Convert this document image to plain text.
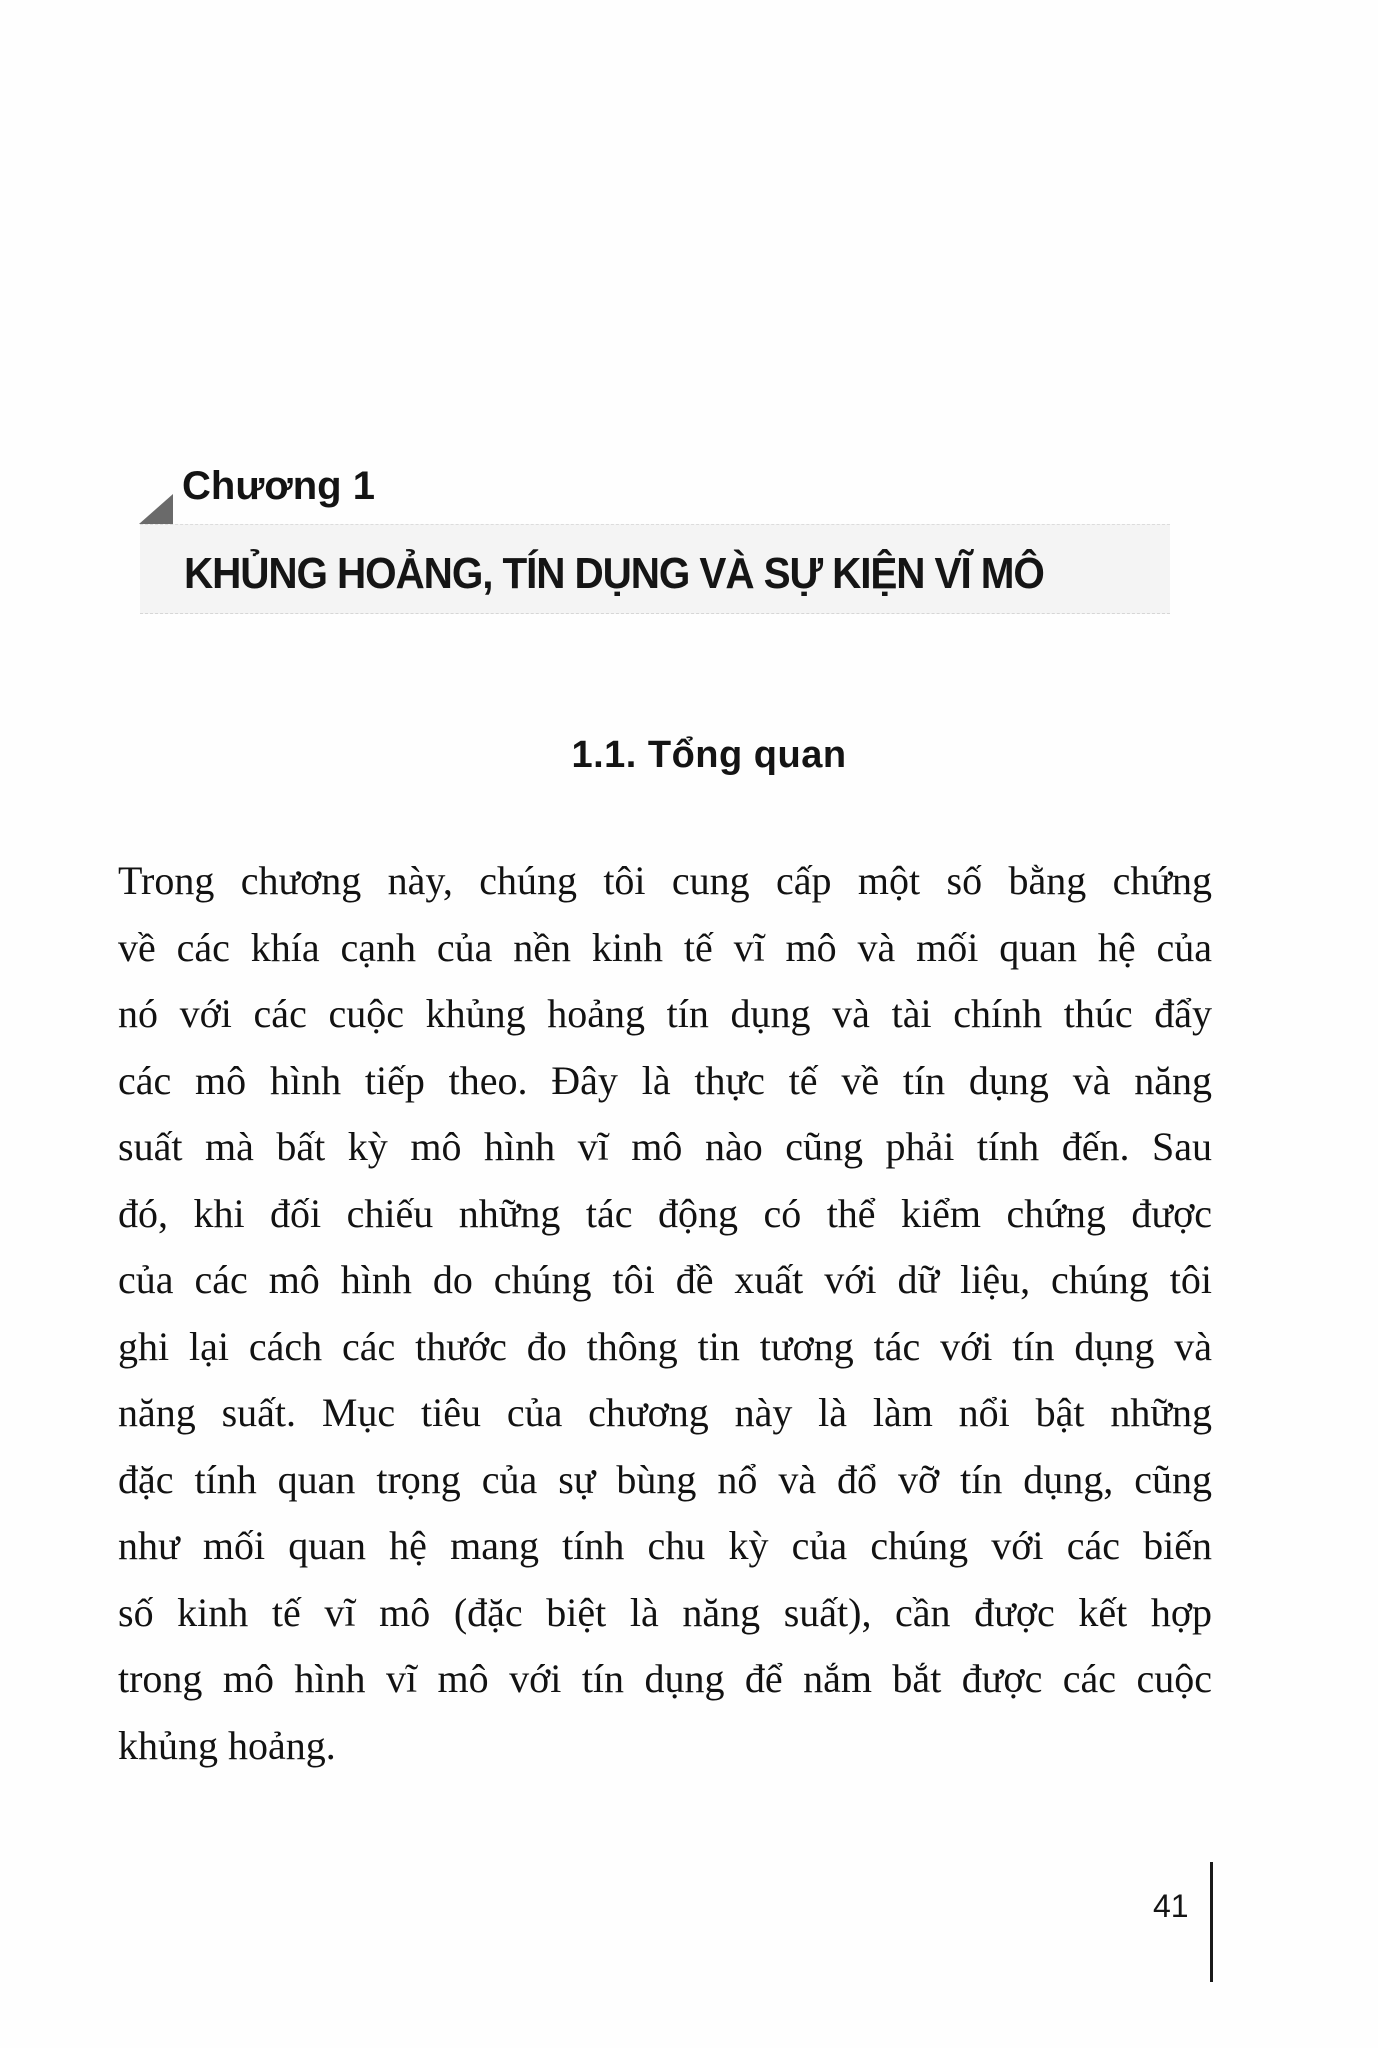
Chương 1
KHỦNG HOẢNG, TÍN DỤNG VÀ SỰ KIỆN VĨ MÔ
1.1. Tổng quan
Trong chương này, chúng tôi cung cấp một số bằng chứng
về các khía cạnh của nền kinh tế vĩ mô và mối quan hệ của
nó với các cuộc khủng hoảng tín dụng và tài chính thúc đẩy
các mô hình tiếp theo. Đây là thực tế về tín dụng và năng
suất mà bất kỳ mô hình vĩ mô nào cũng phải tính đến. Sau
đó, khi đối chiếu những tác động có thể kiểm chứng được
của các mô hình do chúng tôi đề xuất với dữ liệu, chúng tôi
ghi lại cách các thước đo thông tin tương tác với tín dụng và
năng suất. Mục tiêu của chương này là làm nổi bật những
đặc tính quan trọng của sự bùng nổ và đổ vỡ tín dụng, cũng
như mối quan hệ mang tính chu kỳ của chúng với các biến
số kinh tế vĩ mô (đặc biệt là năng suất), cần được kết hợp
trong mô hình vĩ mô với tín dụng để nắm bắt được các cuộc
khủng hoảng.
41
